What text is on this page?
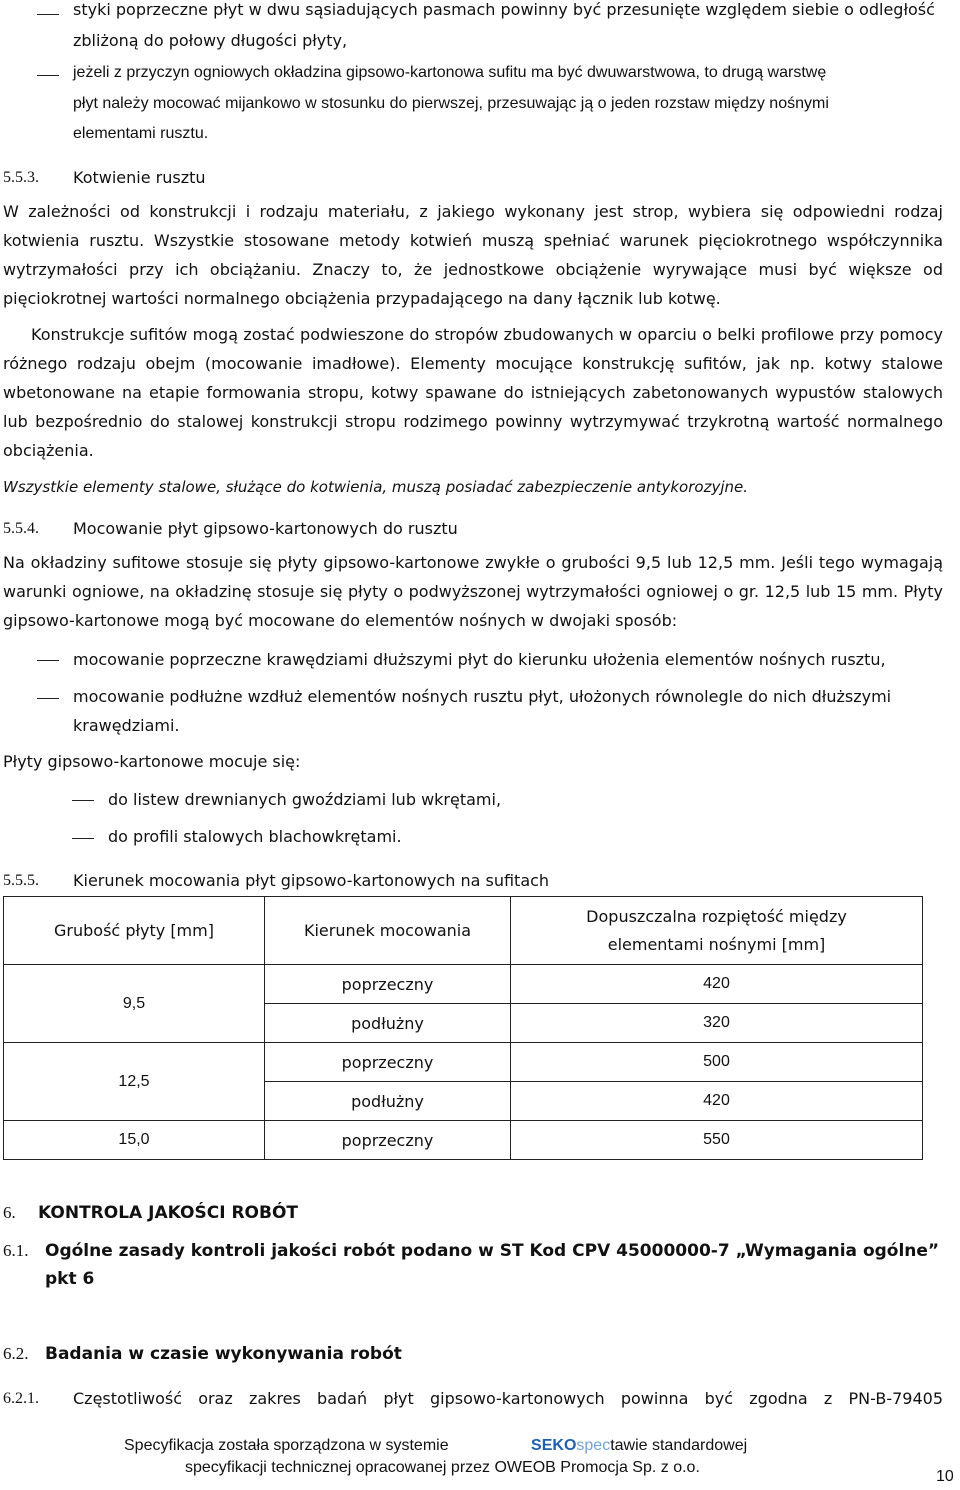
styki poprzeczne płyt w dwu sąsiadujących pasmach powinny być przesunięte względem siebie o odległość
zbliżoną do połowy długości płyty,
jeżeli z przyczyn ogniowych okładzina gipsowo-kartonowa sufitu ma być dwuwarstwowa, to drugą warstwę
płyt należy mocować mijankowo w stosunku do pierwszej, przesuwając ją o jeden rozstaw między nośnymi
elementami rusztu.
5.5.3. Kotwienie rusztu
W zależności od konstrukcji i rodzaju materiału, z jakiego wykonany jest strop, wybiera się odpowiedni rodzaj kotwienia rusztu. Wszystkie stosowane metody kotwień muszą spełniać warunek pięciokrotnego współczynnika wytrzymałości przy ich obciążaniu. Znaczy to, że jednostkowe obciążenie wyrywające musi być większe od pięciokrotnej wartości normalnego obciążenia przypadającego na dany łącznik lub kotwę.
Konstrukcje sufitów mogą zostać podwieszone do stropów zbudowanych w oparciu o belki profilowe przy pomocy różnego rodzaju obejm (mocowanie imadłowe). Elementy mocujące konstrukcję sufitów, jak np. kotwy stalowe wbetonowane na etapie formowania stropu, kotwy spawane do istniejących zabetonowanych wypustów stalowych lub bezpośrednio do stalowej konstrukcji stropu rodzimego powinny wytrzymywać trzykrotną wartość normalnego obciążenia.
Wszystkie elementy stalowe, służące do kotwienia, muszą posiadać zabezpieczenie antykorozyjne.
5.5.4. Mocowanie płyt gipsowo-kartonowych do rusztu
Na okładziny sufitowe stosuje się płyty gipsowo-kartonowe zwykłe o grubości 9,5 lub 12,5 mm. Jeśli tego wymagają warunki ogniowe, na okładzinę stosuje się płyty o podwyższonej wytrzymałości ogniowej o gr. 12,5 lub 15 mm. Płyty gipsowo-kartonowe mogą być mocowane do elementów nośnych w dwojaki sposób:
mocowanie poprzeczne krawędziami dłuższymi płyt do kierunku ułożenia elementów nośnych rusztu,
mocowanie podłużne wzdłuż elementów nośnych rusztu płyt, ułożonych równolegle do nich dłuższymi
krawędziami.
Płyty gipsowo-kartonowe mocuje się:
do listew drewnianych gwoździami lub wkrętami,
do profili stalowych blachowkrętami.
5.5.5. Kierunek mocowania płyt gipsowo-kartonowych na sufitach
Grubość płyty [mm]	Kierunek mocowania	Dopuszczalna rozpiętość między elementami nośnymi [mm]
9,5	poprzeczny	420
	podłużny	320
12,5	poprzeczny	500
	podłużny	420
15,0	poprzeczny	550
6. KONTROLA JAKOŚCI ROBÓT
6.1. Ogólne zasady kontroli jakości robót podano w ST Kod CPV 45000000-7 „Wymagania ogólne”
pkt 6
6.2. Badania w czasie wykonywania robót
6.2.1. Częstotliwość oraz zakres badań płyt gipsowo-kartonowych powinna być zgodna z PN-B-79405
Specyfikacja została sporządzona w systemie	SEKOspectawie standardowej
specyfikacji technicznej opracowanej przez OWEOB Promocja Sp. z o.o.
10
